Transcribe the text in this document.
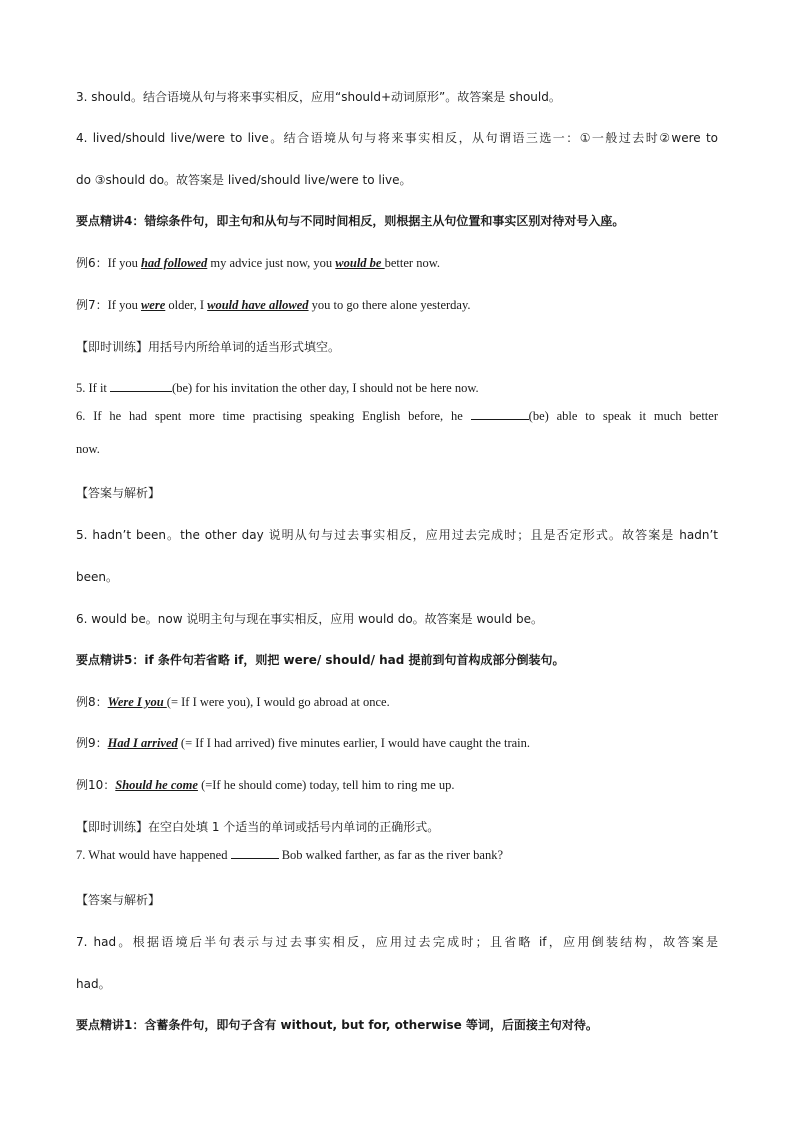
3. should。结合语境从句与将来事实相反，应用“should+动词原形”。故答案是 should。
4. lived/should live/were to live。结合语境从句与将来事实相反，从句谓语三选一：①一般过去时②were to
do ③should do。故答案是 lived/should live/were to live。
要点精讲4：错综条件句，即主句和从句与不同时间相反，则根据主从句位置和事实区别对待对号入座。
例6：If you had followed my advice just now, you would be better now.
例7：If you were older, I would have allowed you to go there alone yesterday.
【即时训练】用括号内所给单词的适当形式填空。
5. If it	(be) for his invitation the other day, I should not be here now.
6. If he had spent more time practising speaking English before, he	(be) able to speak it much better
now.
【答案与解析】
5. hadn’t been。the other day 说明从句与过去事实相反，应用过去完成时；且是否定形式。故答案是 hadn’t
been。
6. would be。now 说明主句与现在事实相反，应用 would do。故答案是 would be。
要点精讲5：if 条件句若省略 if，则把 were/ should/ had 提前到句首构成部分倒装句。
例8：Were I you (= If I were you), I would go abroad at once.
例9：Had I arrived (= If I had arrived) five minutes earlier, I would have caught the train.
例10：Should he come (=If he should come) today, tell him to ring me up.
【即时训练】在空白处填 1 个适当的单词或括号内单词的正确形式。
7. What would have happened	Bob walked farther, as far as the river bank?
【答案与解析】
7. had。根据语境后半句表示与过去事实相反，应用过去完成时；且省略 if，应用倒装结构，故答案是
had。
要点精讲1：含蓄条件句，即句子含有 without, but for, otherwise 等词，后面接主句对待。
